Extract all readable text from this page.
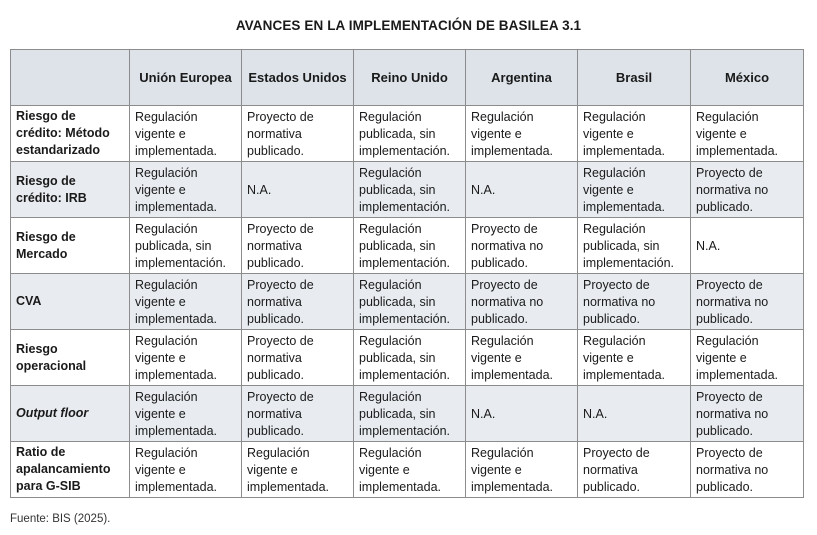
AVANCES EN LA IMPLEMENTACIÓN DE BASILEA 3.1
	Unión Europea	Estados Unidos	Reino Unido	Argentina	Brasil	México
Riesgo de crédito: Método estandarizado	Regulación vigente e implementada.	Proyecto de normativa publicado.	Regulación publicada, sin implementación.	Regulación vigente e implementada.	Regulación vigente e implementada.	Regulación vigente e implementada.
Riesgo de crédito: IRB	Regulación vigente e implementada.	N.A.	Regulación publicada, sin implementación.	N.A.	Regulación vigente e implementada.	Proyecto de normativa no publicado.
Riesgo de Mercado	Regulación publicada, sin implementación.	Proyecto de normativa publicado.	Regulación publicada, sin implementación.	Proyecto de normativa no publicado.	Regulación publicada, sin implementación.	N.A.
CVA	Regulación vigente e implementada.	Proyecto de normativa publicado.	Regulación publicada, sin implementación.	Proyecto de normativa no publicado.	Proyecto de normativa no publicado.	Proyecto de normativa no publicado.
Riesgo operacional	Regulación vigente e implementada.	Proyecto de normativa publicado.	Regulación publicada, sin implementación.	Regulación vigente e implementada.	Regulación vigente e implementada.	Regulación vigente e implementada.
Output floor	Regulación vigente e implementada.	Proyecto de normativa publicado.	Regulación publicada, sin implementación.	N.A.	N.A.	Proyecto de normativa no publicado.
Ratio de apalancamiento para G-SIB	Regulación vigente e implementada.	Regulación vigente e implementada.	Regulación vigente e implementada.	Regulación vigente e implementada.	Proyecto de normativa publicado.	Proyecto de normativa no publicado.
Fuente: BIS (2025).
